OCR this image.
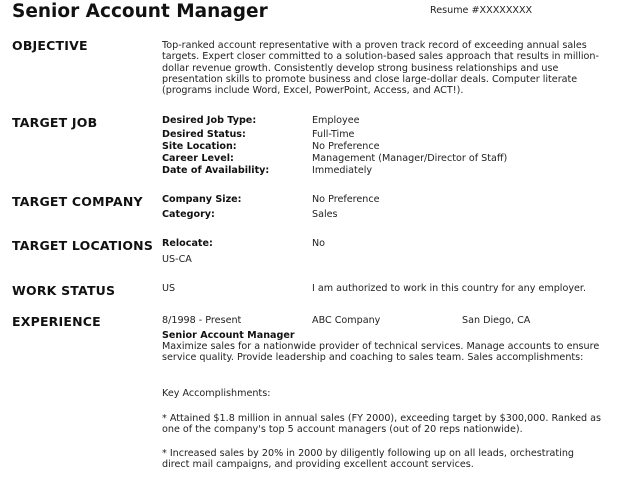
Senior Account Manager	Resume #XXXXXXXX
OBJECTIVE	Top-ranked account representative with a proven track record of exceeding annual sales targets. Expert closer committed to a solution-based sales approach that results in million-dollar revenue growth. Consistently develop strong business relationships and use presentation skills to promote business and close large-dollar deals. Computer literate (programs include Word, Excel, PowerPoint, Access, and ACT!).
TARGET JOB	Desired Job Type:	Employee
Desired Status:	Full-Time
Site Location:	No Preference
Career Level:	Management (Manager/Director of Staff)
Date of Availability:	Immediately
TARGET COMPANY Company Size:	No Preference
Category:	Sales
TARGET LOCATIONS Relocate:	No
US-CA
WORK STATUS	US	I am authorized to work in this country for any employer.
EXPERIENCE	8/1998 - Present	ABC Company	San Diego, CA
Senior Account Manager
Maximize sales for a nationwide provider of technical services. Manage accounts to ensure service quality. Provide leadership and coaching to sales team. Sales accomplishments:
Key Accomplishments:
* Attained $1.8 million in annual sales (FY 2000), exceeding target by $300,000. Ranked as one of the company's top 5 account managers (out of 20 reps nationwide).
* Increased sales by 20% in 2000 by diligently following up on all leads, orchestrating direct mail campaigns, and providing excellent account services.
